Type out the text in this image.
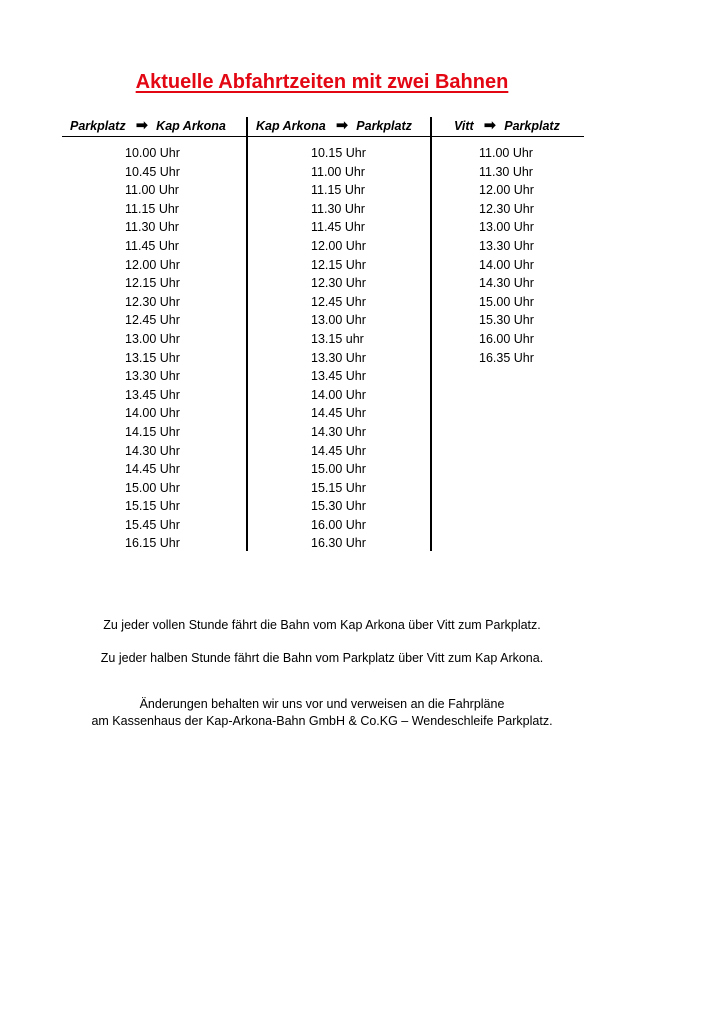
Aktuelle Abfahrtzeiten mit zwei Bahnen
Parkplatz ➡ Kap Arkona Kap Arkona ➡ Parkplatz	Vitt ➡ Parkplatz
10.00 Uhr
10.45 Uhr
11.00 Uhr
11.15 Uhr
11.30 Uhr
11.45 Uhr
12.00 Uhr
12.15 Uhr
12.30 Uhr
12.45 Uhr
13.00 Uhr
13.15 Uhr
13.30 Uhr
13.45 Uhr
14.00 Uhr
14.15 Uhr
14.30 Uhr
14.45 Uhr
15.00 Uhr
15.15 Uhr
15.45 Uhr
16.15 Uhr
10.15 Uhr
11.00 Uhr
11.15 Uhr
11.30 Uhr
11.45 Uhr
12.00 Uhr
12.15 Uhr
12.30 Uhr
12.45 Uhr
13.00 Uhr
13.15 uhr
13.30 Uhr
13.45 Uhr
14.00 Uhr
14.45 Uhr
14.30 Uhr
14.45 Uhr
15.00 Uhr
15.15 Uhr
15.30 Uhr
16.00 Uhr
16.30 Uhr
11.00 Uhr
11.30 Uhr
12.00 Uhr
12.30 Uhr
13.00 Uhr
13.30 Uhr
14.00 Uhr
14.30 Uhr
15.00 Uhr
15.30 Uhr
16.00 Uhr
16.35 Uhr
Zu jeder vollen Stunde fährt die Bahn vom Kap Arkona über Vitt zum Parkplatz.
Zu jeder halben Stunde fährt die Bahn vom Parkplatz über Vitt zum Kap Arkona.
Änderungen behalten wir uns vor und verweisen an die Fahrpläne
am Kassenhaus der Kap-Arkona-Bahn GmbH & Co.KG – Wendeschleife Parkplatz.
